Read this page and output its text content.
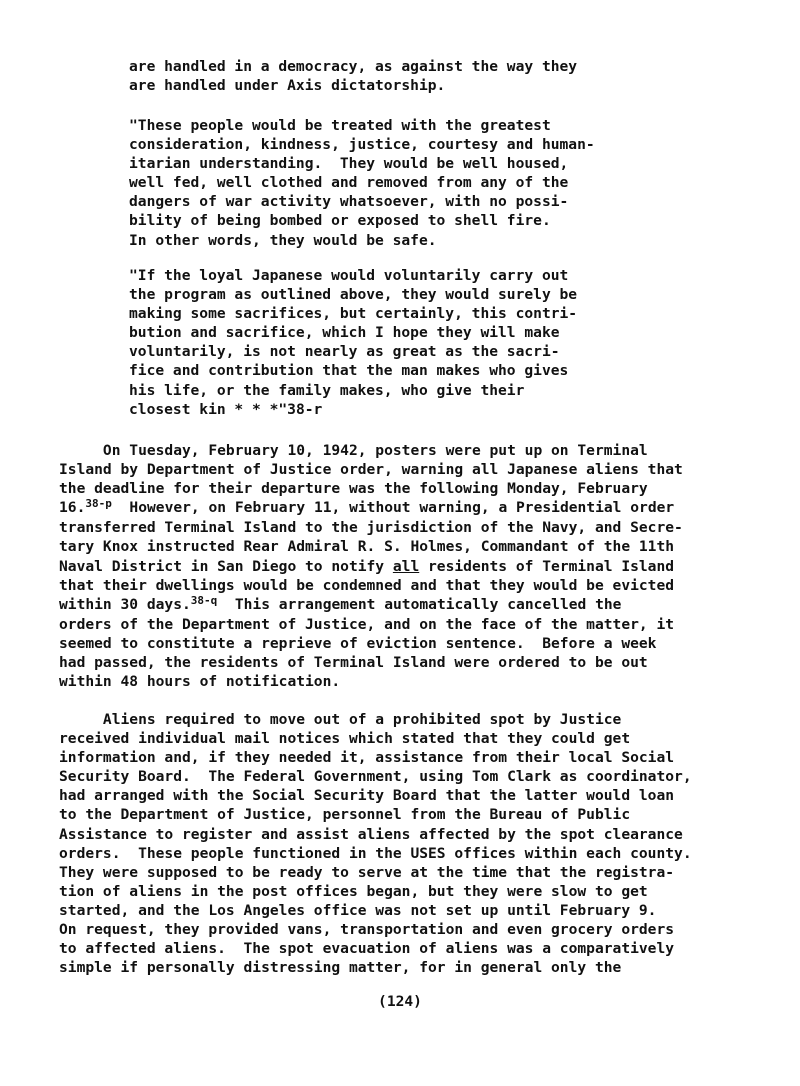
are handled in a democracy, as against the way they
are handled under Axis dictatorship.
"These people would be treated with the greatest
consideration, kindness, justice, courtesy and human-
itarian understanding.  They would be well housed,
well fed, well clothed and removed from any of the
dangers of war activity whatsoever, with no possi-
bility of being bombed or exposed to shell fire.
In other words, they would be safe.
"If the loyal Japanese would voluntarily carry out
the program as outlined above, they would surely be
making some sacrifices, but certainly, this contri-
bution and sacrifice, which I hope they will make
voluntarily, is not nearly as great as the sacri-
fice and contribution that the man makes who gives
his life, or the family makes, who give their
closest kin * * *"38-r
On Tuesday, February 10, 1942, posters were put up on Terminal
Island by Department of Justice order, warning all Japanese aliens that
the deadline for their departure was the following Monday, February
16.$^{38-p}$  However, on February 11, without warning, a Presidential order
transferred Terminal Island to the jurisdiction of the Navy, and Secre-
tary Knox instructed Rear Admiral R. S. Holmes, Commandant of the 11th
Naval District in San Diego to notify all residents of Terminal Island
that their dwellings would be condemned and that they would be evicted
within 30 days.$^{38-q}$  This arrangement automatically cancelled the
orders of the Department of Justice, and on the face of the matter, it
seemed to constitute a reprieve of eviction sentence.  Before a week
had passed, the residents of Terminal Island were ordered to be out
within 48 hours of notification.
Aliens required to move out of a prohibited spot by Justice
received individual mail notices which stated that they could get
information and, if they needed it, assistance from their local Social
Security Board.  The Federal Government, using Tom Clark as coordinator,
had arranged with the Social Security Board that the latter would loan
to the Department of Justice, personnel from the Bureau of Public
Assistance to register and assist aliens affected by the spot clearance
orders.  These people functioned in the USES offices within each county.
They were supposed to be ready to serve at the time that the registra-
tion of aliens in the post offices began, but they were slow to get
started, and the Los Angeles office was not set up until February 9.
On request, they provided vans, transportation and even grocery orders
to affected aliens.  The spot evacuation of aliens was a comparatively
simple if personally distressing matter, for in general only the
(124)
